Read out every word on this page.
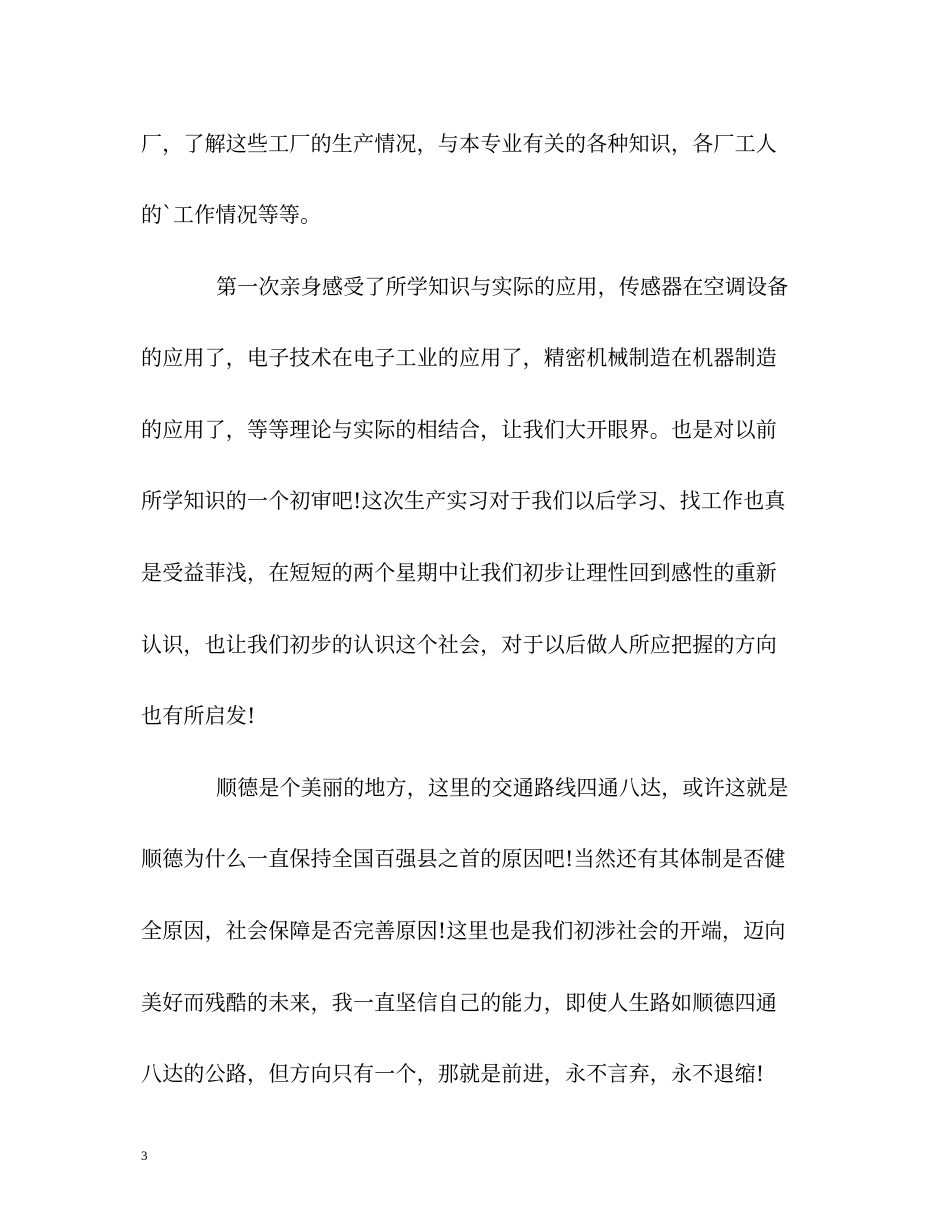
厂，了解这些工厂的生产情况，与本专业有关的各种知识，各厂工人
的`工作情况等等。
第一次亲身感受了所学知识与实际的应用，传感器在空调设备
的应用了，电子技术在电子工业的应用了，精密机械制造在机器制造
的应用了，等等理论与实际的相结合，让我们大开眼界。也是对以前
所学知识的一个初审吧!这次生产实习对于我们以后学习、找工作也真
是受益菲浅，在短短的两个星期中让我们初步让理性回到感性的重新
认识，也让我们初步的认识这个社会，对于以后做人所应把握的方向
也有所启发!
顺德是个美丽的地方，这里的交通路线四通八达，或许这就是
顺德为什么一直保持全国百强县之首的原因吧!当然还有其体制是否健
全原因，社会保障是否完善原因!这里也是我们初涉社会的开端，迈向
美好而残酷的未来，我一直坚信自己的能力，即使人生路如顺德四通
八达的公路，但方向只有一个，那就是前进，永不言弃，永不退缩!
3
